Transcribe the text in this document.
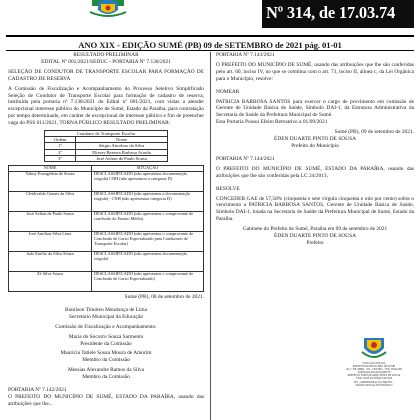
Nº 314, de 17.03.74
ANO XIX - EDIÇÃO SUMÉ (PB) 09 de SETEMBRO de 2021 pág. 01-01
RESULTADO PRELIMINAR
EDITAL Nº 001/2021/SEDUC - PORTARIA Nº 7.138/2021
SELEÇÃO DE CONDUTOR DE TRANSPORTE ESCOLAR PARA FORMAÇÃO DE CADASTRO DE RESERVA
A Comissão de Fiscalização e Acompanhamento do Processo Seletivo Simplificado Seleção de Condutor de Transporte Escolar para formação de cadastro de reserva, instituída pela portaria nº 7.138/2021 do Edital nº 001/2021, com vistas a atender excepcional interesse público do Município de Sumé, Estado da Paraíba, para contratação por tempo determinado, em caráter de excepcional de interesse público e fim de preencher vaga do PSS 011/2021, TORNA PÚBLICO RESULTADO PRELIMINAR:
Condutor de Transporte Escolar	
Ordem	Nome
1º	Sérgio Ancelmo da Silva
2º	Eliezer Bezerra Barbosa Arruda
3º	José Aelton de Paulo Sousa
NOME	SITUAÇÃO
Valmy Evangelista de Souza	DESCLASSIFICADO (não apresentou documentação exigida) CNH (não apresentou a categoria D)
Cleidivaldo Gomes da Silva	DESCLASSIFICADO (não apresentou a documentação exigida) - CNH (não apresentou categoria D)
José Aelton de Paulo Sousa	DESCLASSIFICADO (não apresentou o comprovante de conclusão do Ensino Médio)
José Amilton Silva Lima	DESCLASSIFICADO (não apresentou o comprovante de Conclusão de Curso Especializado para Condutores de Transporte Escolar)
João Emílio da Silva Souza	DESCLASSIFICADO (não apresentou documentação exigida)
Zé Silva Souza	DESCLASSIFICADO (não apresentou o comprovante de Conclusão de Curso Especializado)
Sumé (PB), 08 de setembro de 2021.
Bonilson Timóteo Mendonça de Lima
Secretário Municipal da Educação
Comissão de Fiscalização e Acompanhamento:
Maria do Socorro Souza Sarmento
Presidente da Comissão
Maurícia Tatiele Sousa Moura de Amorim
Membro da Comissão
Messias Alexandre Ramos da Silva
Membro da Comissão
PORTARIA Nº 7.142/2021
O PREFEITO DO MUNICÍPIO DE SUMÉ, ESTADO DA PARAÍBA, usando das atribuições que lhe...
PORTARIA Nº 7.143/2021
O PREFEITO DO MUNICÍPIO DE SUMÉ, usando das atribuições que lhe são conferidas pelo art. 60, inciso IV, no que se combina com o art. 73, inciso II, alínea c, da Lei Orgânica para o Município, resolve:
NOMEAR
PATRICIA BARBOSA SANTOS para exercer o cargo de provimento em comissão de Gerente de Unidade Básica de Saúde, Símbolo DAI-1, da Estrutura Administrativa da Secretaria de Saúde da Prefeitura Municipal de Sumé.
Esta Portaria Possui Efeito Retroativo a 01/09/2021
Sumé (PB), 09 de setembro de 2021.
ÉDEN DUARTE PINTO DE SOUSA
Prefeito do Município
PORTARIA Nº 7.144/2021
O PREFEITO DO MUNICÍPIO DE SUMÉ, ESTADO DA PARAÍBA, usando das atribuições que lhe são conferidas pela LC 24/2013,
RESOLVE
CONCEDER GAE de 57,58% (cinquenta e sete vírgula cinquenta e oito por cento) sobre o vencimento a PATRICIA BARBOSA SANTOS, Gerente de Unidade Básica de Saúde, Símbolo DAI-1, lotada na Secretaria de Saúde da Prefeitura Municipal de Sumé, Estado da Paraíba.
Gabinete do Prefeito de Sumé, Paraíba em 09 de setembro de 2021
ÉDEN DUARTE PINTO DE SOUSA
Prefeito
SOLUÇÃO OFICIAL
PREFEITURA MUNICIPAL DE SUMÉ
AV. 1º DE ABRIL, 370 - CENTRO - CEP: 58540-000
ASSINADA DIGITALMENTE
PREFEITO: ÉDEN DUARTE PINTO DE SOUSA
VICE: JOSÉ ANTÔNIO SANTOS
SEC. ADMINISTRAÇÃO: BRUNO...
DIÁRIO OFICIAL ELETRÔNICO
